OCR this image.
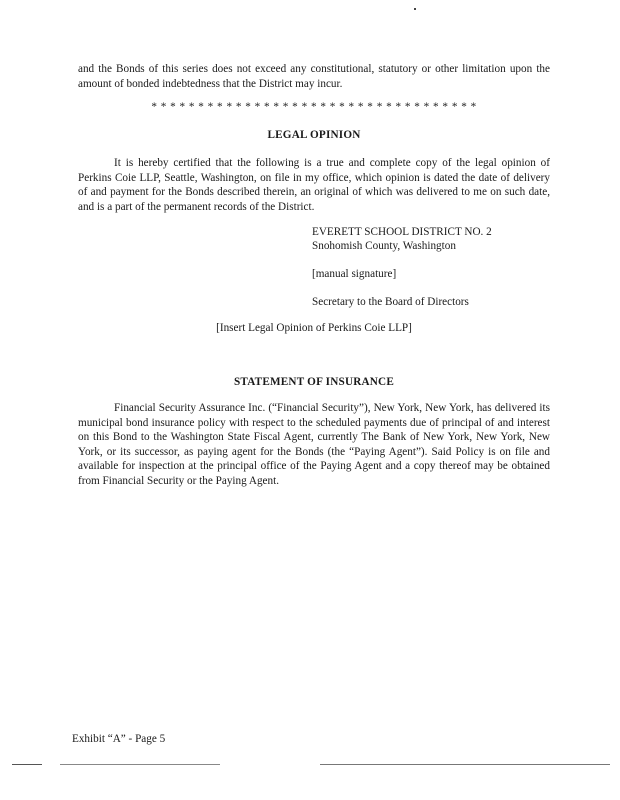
and the Bonds of this series does not exceed any constitutional, statutory or other limitation upon the amount of bonded indebtedness that the District may incur.
* * * * * * * * * * * * * * * * * * * * * * * * * * * * * * * * * * *
LEGAL OPINION
It is hereby certified that the following is a true and complete copy of the legal opinion of Perkins Coie LLP, Seattle, Washington, on file in my office, which opinion is dated the date of delivery of and payment for the Bonds described therein, an original of which was delivered to me on such date, and is a part of the permanent records of the District.
EVERETT SCHOOL DISTRICT NO. 2
Snohomish County, Washington
[manual signature]
Secretary to the Board of Directors
[Insert Legal Opinion of Perkins Coie LLP]
STATEMENT OF INSURANCE
Financial Security Assurance Inc. (“Financial Security”), New York, New York, has delivered its municipal bond insurance policy with respect to the scheduled payments due of principal of and interest on this Bond to the Washington State Fiscal Agent, currently The Bank of New York, New York, New York, or its successor, as paying agent for the Bonds (the “Paying Agent”). Said Policy is on file and available for inspection at the principal office of the Paying Agent and a copy thereof may be obtained from Financial Security or the Paying Agent.
Exhibit “A” - Page 5
